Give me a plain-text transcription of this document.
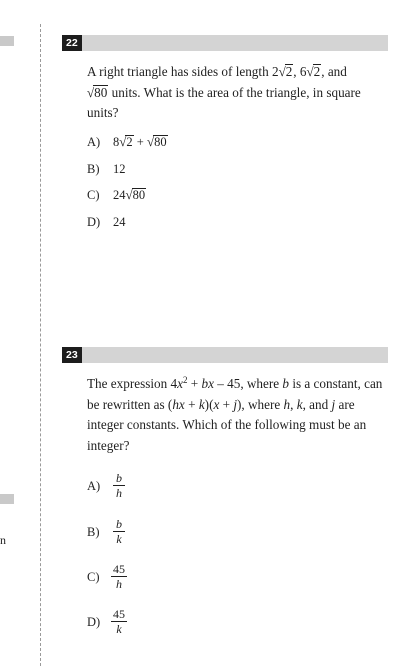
n
22
A right triangle has sides of length 2√2, 6√2, and
√80 units. What is the area of the triangle, in square units?
A) 8√2 + √80
B) 12
C) 24√80
D) 24
23
The expression $4x^2$ + bx – 45, where b is a constant, can be rewritten as (hx + k)(x + j), where h, k, and j are integer constants. Which of the following must be an integer?
$A) \frac{b}{h}$
$B) \frac{b}{k}$
$C) \frac{45}{h}$
$D) \frac{45}{k}$
